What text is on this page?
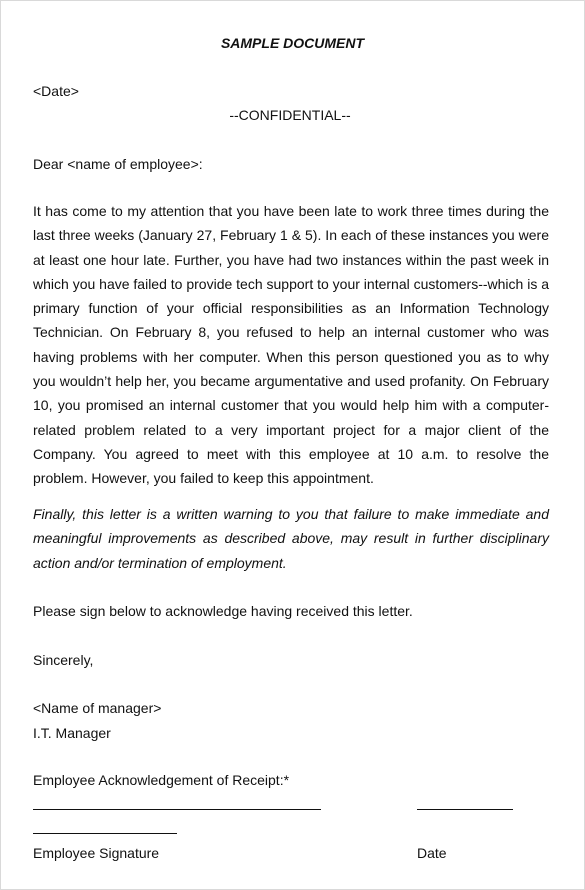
SAMPLE DOCUMENT
<Date>
--CONFIDENTIAL--
Dear <name of employee>:
It has come to my attention that you have been late to work three times during the last three weeks (January 27, February 1 & 5). In each of these instances you were at least one hour late. Further, you have had two instances within the past week in which you have failed to provide tech support to your internal customers--which is a primary function of your official responsibilities as an Information Technology Technician. On February 8, you refused to help an internal customer who was having problems with her computer. When this person questioned you as to why you wouldn’t help her, you became argumentative and used profanity. On February 10, you promised an internal customer that you would help him with a computer-related problem related to a very important project for a major client of the Company. You agreed to meet with this employee at 10 a.m. to resolve the problem. However, you failed to keep this appointment.
Finally, this letter is a written warning to you that failure to make immediate and meaningful improvements as described above, may result in further disciplinary action and/or termination of employment.
Please sign below to acknowledge having received this letter.
Sincerely,
<Name of manager>
I.T. Manager
Employee Acknowledgement of Receipt:*
Employee Signature	Date
